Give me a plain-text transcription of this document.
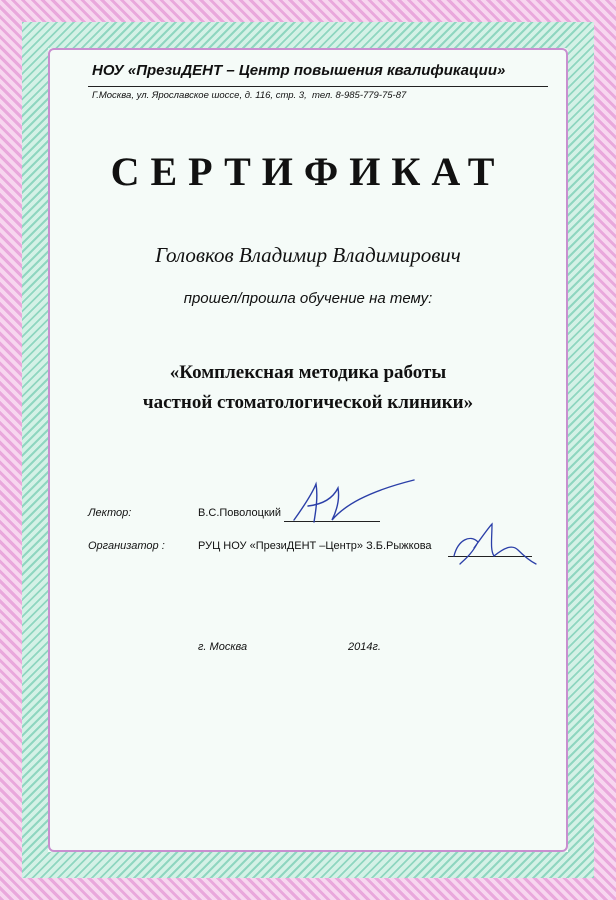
НОУ «ПрезиДЕНТ – Центр повышения квалификации»
Г.Москва, ул. Ярославское шоссе, д. 116, стр. 3, тел. 8-985-779-75-87
СЕРТИФИКАТ
Головков Владимир Владимирович
прошел/прошла обучение на тему:
«Комплексная методика работы
частной стоматологической клиники»
Лектор:	В.С.Поволоцкий
Организатор :	РУЦ НОУ «ПрезиДЕНТ –Центр» З.Б.Рыжкова
г. Москва	2014г.
